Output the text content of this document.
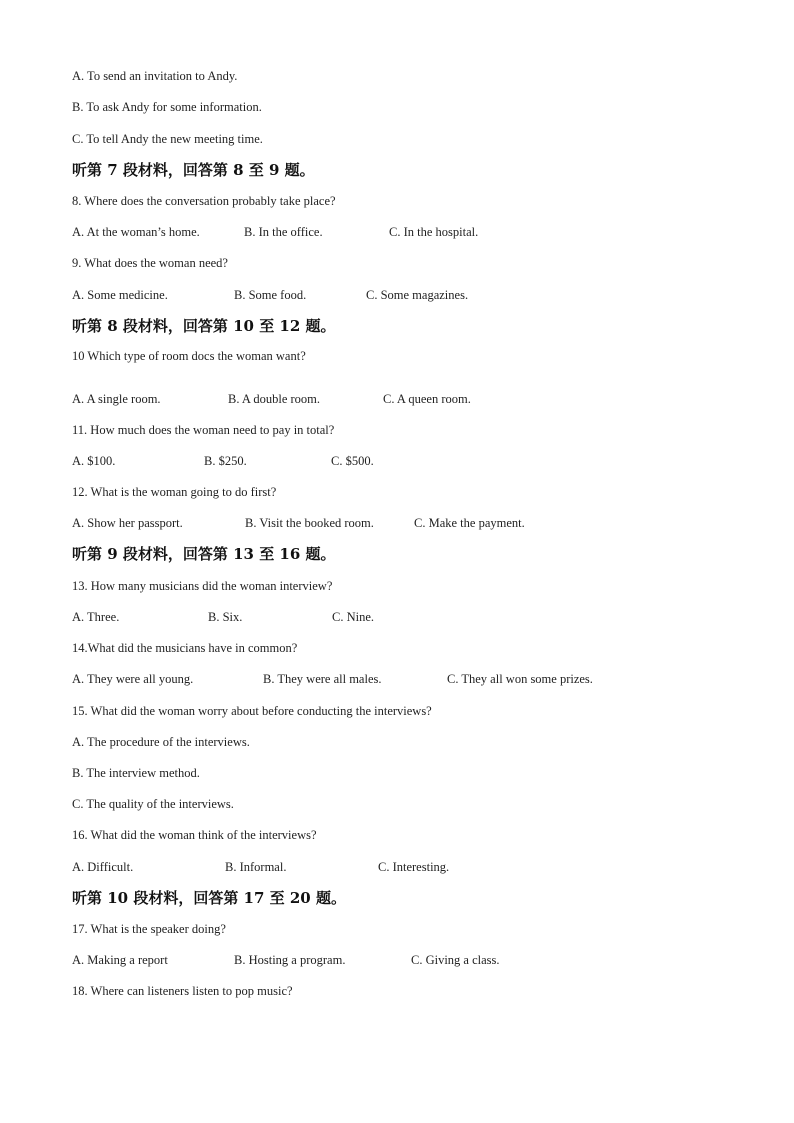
A. To send an invitation to Andy.
B. To ask Andy for some information.
C. To tell Andy the new meeting time.
听第 7 段材料，回答第 8 至 9 题。
8. Where does the conversation probably take place?
A. At the woman’s home.	B. In the office.	C. In the hospital.
9. What does the woman need?
A. Some medicine.	B. Some food.	C. Some magazines.
听第 8 段材料，回答第 10 至 12 题。
10 Which type of room docs the woman want?
A. A single room.	B. A double room.	C. A queen room.
11. How much does the woman need to pay in total?
A. $100.	B. $250.	C. $500.
12. What is the woman going to do first?
A. Show her passport.	B. Visit the booked room.	C. Make the payment.
听第 9 段材料，回答第 13 至 16 题。
13. How many musicians did the woman interview?
A. Three.	B. Six.	C. Nine.
14.What did the musicians have in common?
A. They were all young.	B. They were all males.	C. They all won some prizes.
15. What did the woman worry about before conducting the interviews?
A. The procedure of the interviews.
B. The interview method.
C. The quality of the interviews.
16. What did the woman think of the interviews?
A. Difficult.	B. Informal.	C. Interesting.
听第 10 段材料，回答第 17 至 20 题。
17. What is the speaker doing?
A. Making a report	B. Hosting a program.	C. Giving a class.
18. Where can listeners listen to pop music?
